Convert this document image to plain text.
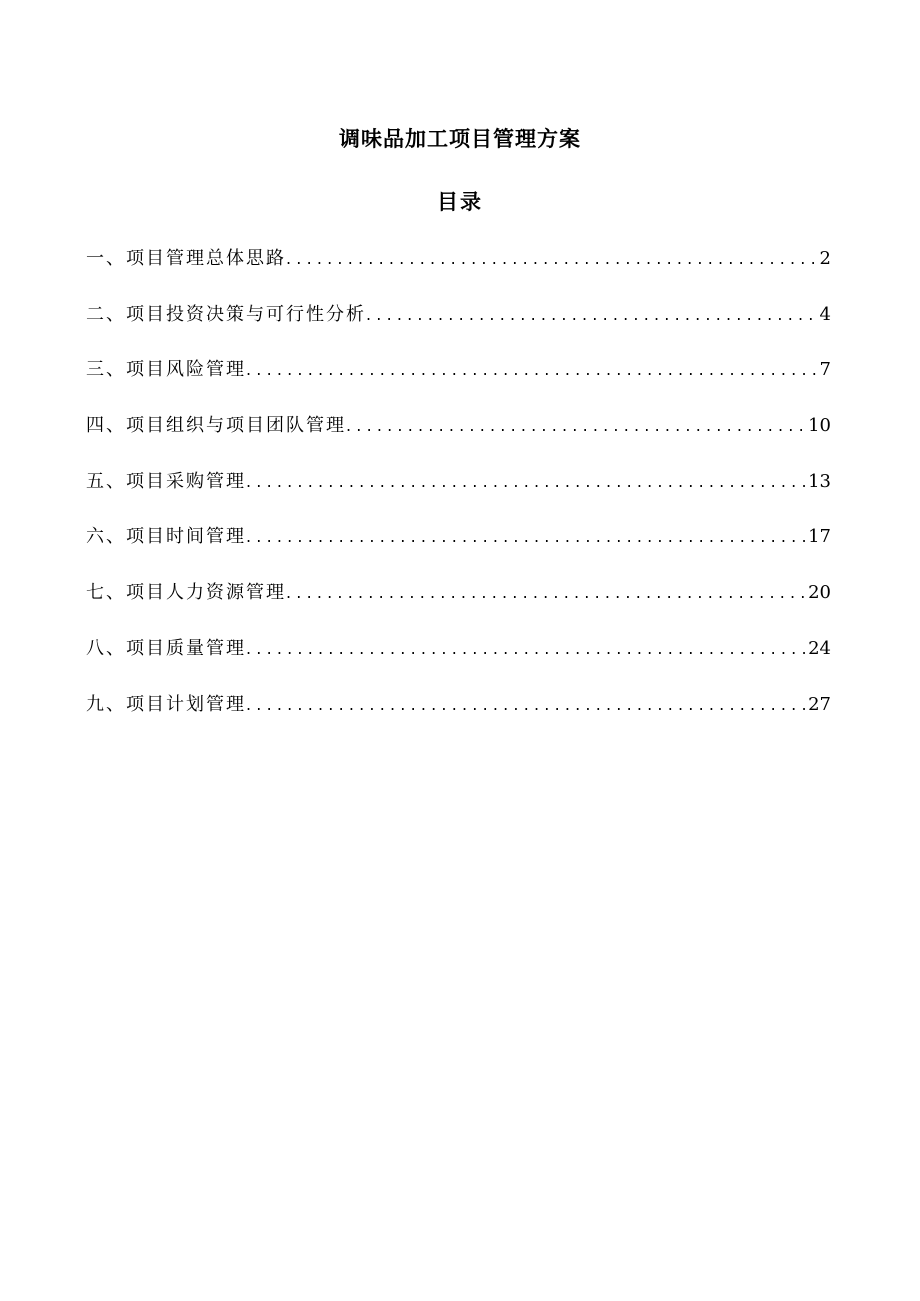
调味品加工项目管理方案
目录
一、项目管理总体思路 .....	2
二、项目投资决策与可行性分析 .....	4
三、项目风险管理 .....	7
四、项目组织与项目团队管理 .....	10
五、项目采购管理 .....	13
六、项目时间管理 .....	17
七、项目人力资源管理 .....	20
八、项目质量管理 .....	24
九、项目计划管理 .....	27
